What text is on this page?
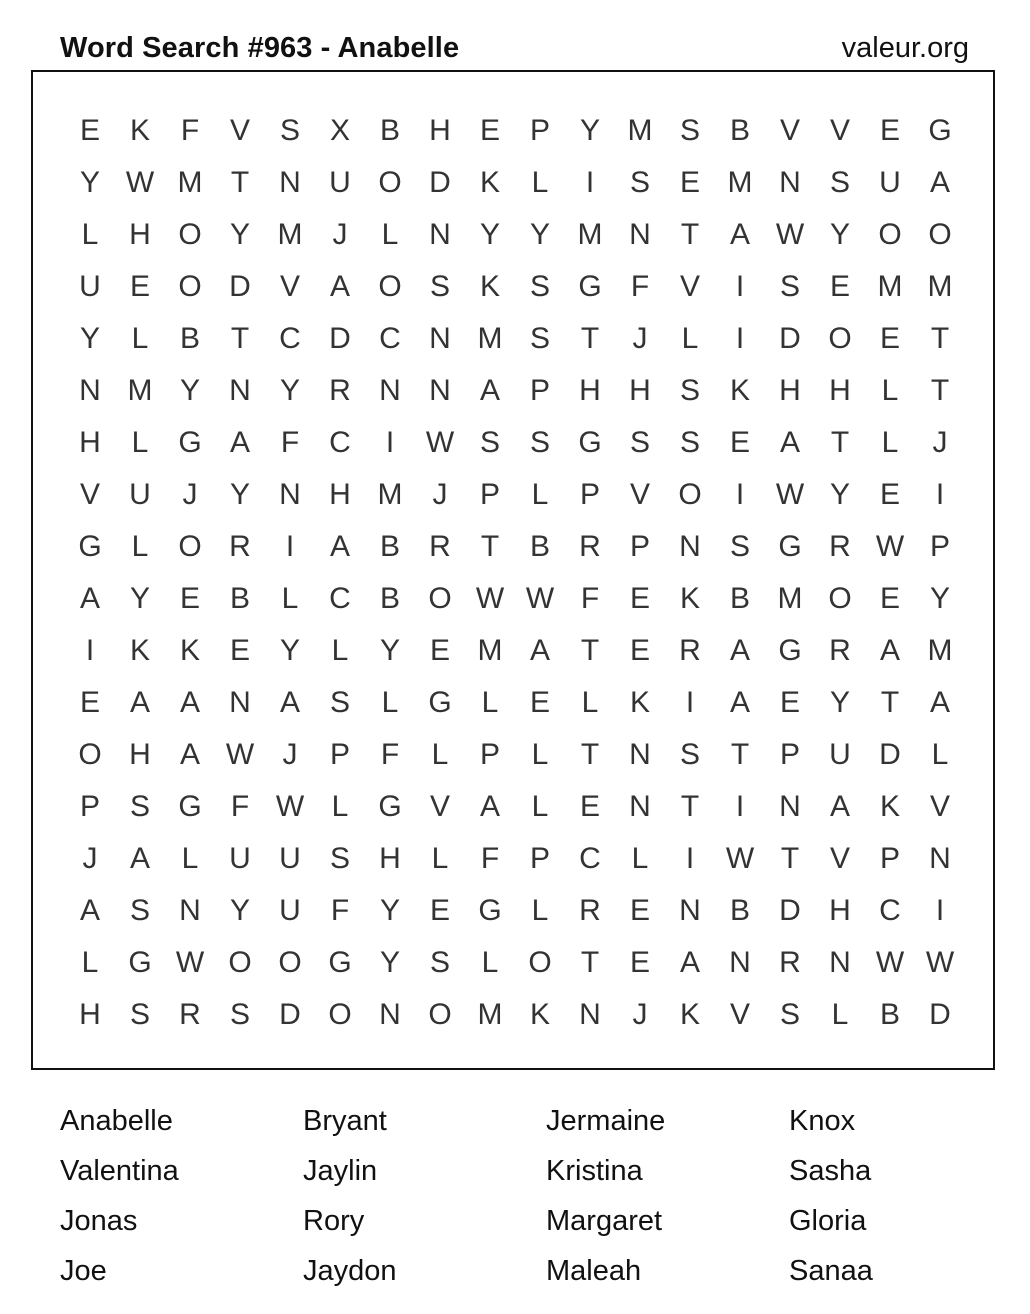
Word Search #963 - Anabelle	valeur.org
E K	F	V S X B H E P Y M S B V V E G
Y W M T	N U O D K	L	I	S E M N S U A
L	H O Y M	J	L	N Y Y M N	T	A W Y O O
U E O D V A O S K S G F	V	I	S E M M
Y	L	B	T	C D C N M S	T	J	L	I	D O E	T
N M Y N Y R N N A P H H S K H H	L	T
H	L G A	F	C	I	W S S G S S E A	T	L	J
V U	J	Y N H M	J	P	L	P V O	I	W Y E	I
G L O R	I	A B R	T	B R P N S G R W P
A Y E B	L	C B O W W F	E K B M O E Y
I	K K E Y	L	Y E M A	T	E R A G R A M
E A A N A S	L G L	E	L	K	I	A E Y	T	A
O H A W J	P	F	L	P	L	T	N S	T	P U D	L
P S G F W L G V A	L	E N	T	I	N A K V
J	A	L	U U S H	L	F	P C	L	I	W T	V P N
A S N Y U	F	Y E G L	R E N B D H C	I
L G W O O G Y S	L O T	E A N R N W W
H S R S D O N O M K N	J	K V S	L	B D
Anabelle
Valentina
Jonas
Joe
Bryant
Jaylin
Rory
Jaydon
Jermaine
Kristina
Margaret
Maleah
Knox
Sasha
Gloria
Sanaa
